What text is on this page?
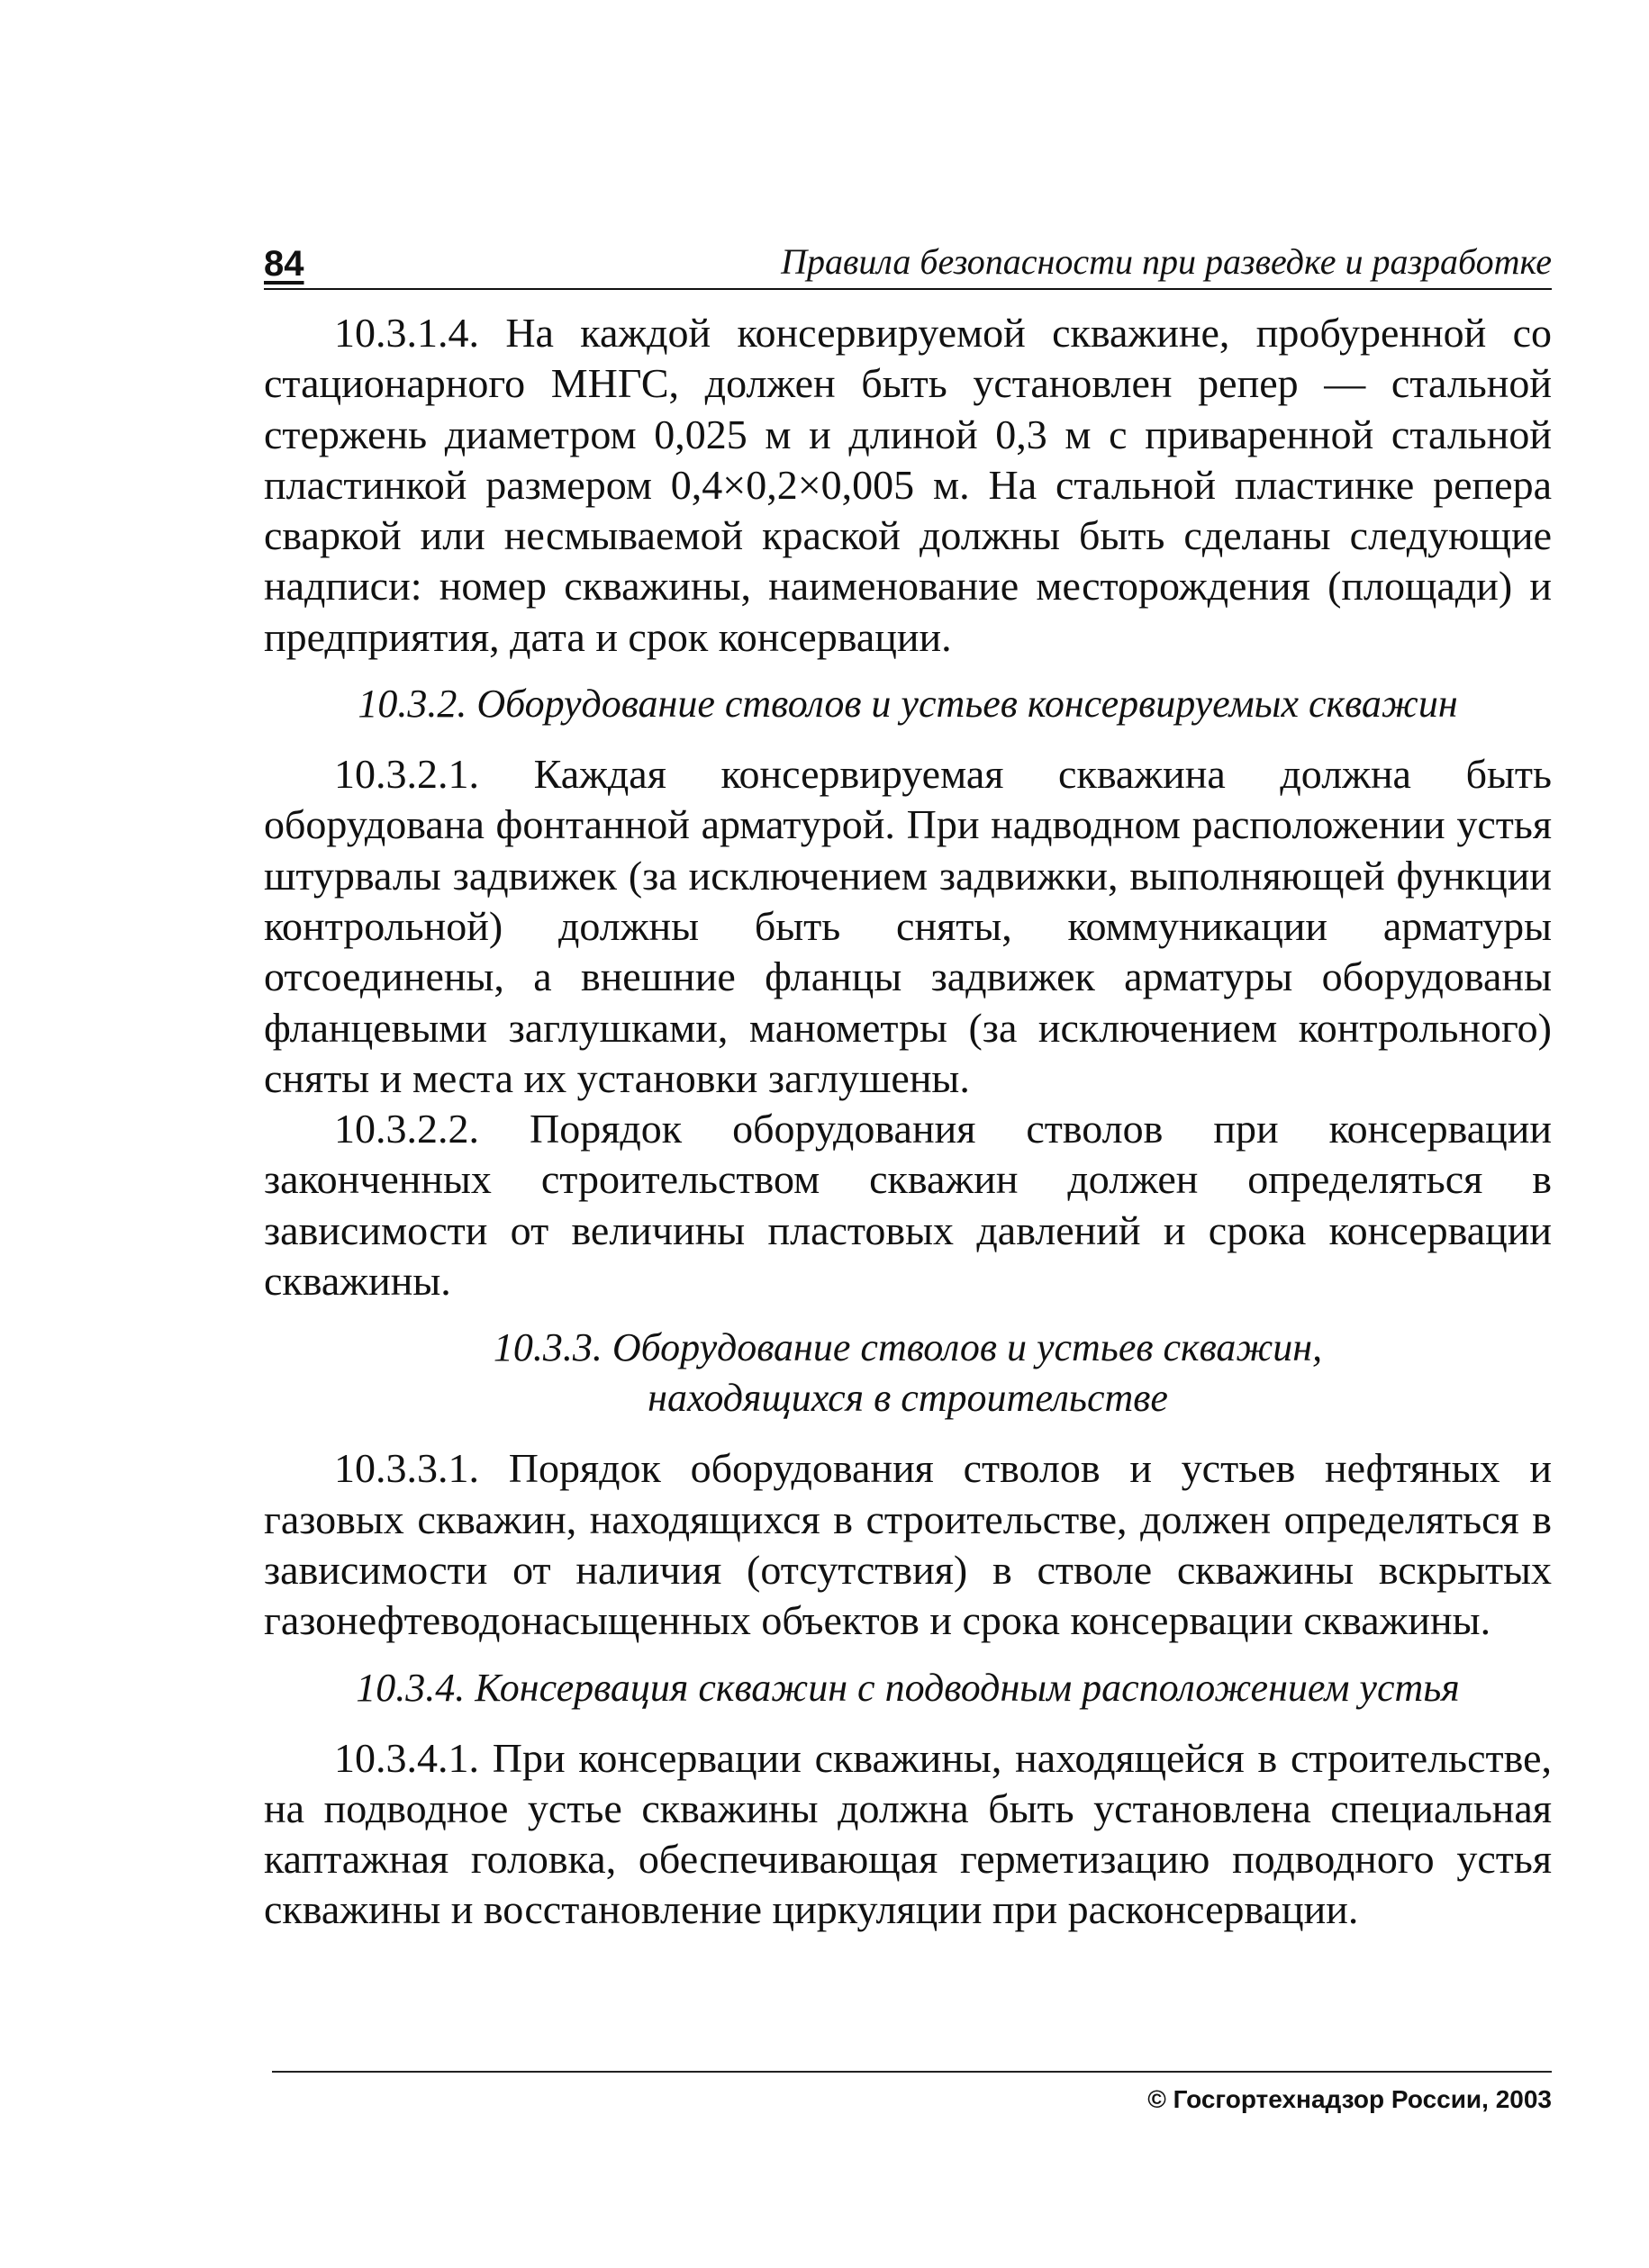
84	Правила безопасности при разведке и разработке

10.3.1.4. На каждой консервируемой скважине, пробуренной со стационарного МНГС, должен быть установлен репер — стальной стержень диаметром 0,025 м и длиной 0,3 м с приваренной стальной пластинкой размером 0,4×0,2×0,005 м. На стальной пластинке репера сваркой или несмываемой краской должны быть сделаны следующие надписи: номер скважины, наименование месторождения (площади) и предприятия, дата и срок консервации.

10.3.2. Оборудование стволов и устьев консервируемых скважин

10.3.2.1. Каждая консервируемая скважина должна быть оборудована фонтанной арматурой. При надводном расположении устья штурвалы задвижек (за исключением задвижки, выполняющей функции контрольной) должны быть сняты, коммуникации арматуры отсоединены, а внешние фланцы задвижек арматуры оборудованы фланцевыми заглушками, манометры (за исключением контрольного) сняты и места их установки заглушены.

10.3.2.2. Порядок оборудования стволов при консервации законченных строительством скважин должен определяться в зависимости от величины пластовых давлений и срока консервации скважины.

10.3.3. Оборудование стволов и устьев скважин,
находящихся в строительстве

10.3.3.1. Порядок оборудования стволов и устьев нефтяных и газовых скважин, находящихся в строительстве, должен определяться в зависимости от наличия (отсутствия) в стволе скважины вскрытых газонефтеводонасыщенных объектов и срока консервации скважины.

10.3.4. Консервация скважин с подводным расположением устья

10.3.4.1. При консервации скважины, находящейся в строительстве, на подводное устье скважины должна быть установлена специальная каптажная головка, обеспечивающая герметизацию подводного устья скважины и восстановление циркуляции при расконсервации.

© Госгортехнадзор России, 2003
